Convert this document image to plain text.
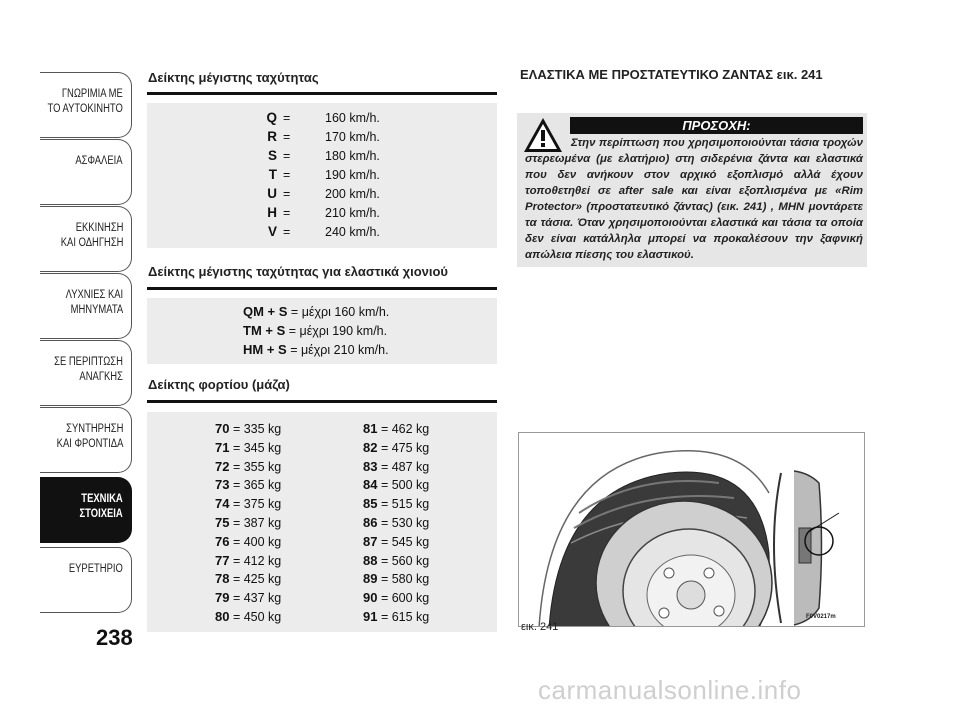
ΓΝΩΡΙΜΙΑ ΜΕ
ΤΟ ΑΥΤΟΚΙΝΗΤΟ
ΑΣΦΑΛΕΙΑ
ΕΚΚΙΝΗΣΗ
ΚΑΙ ΟΔΗΓΗΣΗ
ΛΥΧΝΙΕΣ ΚΑΙ
ΜΗΝΥΜΑΤΑ
ΣΕ ΠΕΡΙΠΤΩΣΗ
ΑΝΑΓΚΗΣ
ΣΥΝΤΗΡΗΣΗ
ΚΑΙ ΦΡΟΝΤΙΔΑ
ΤΕΧΝΙΚΑ
ΣΤΟΙΧΕΙΑ
ΕΥΡΕΤΗΡΙΟ
238
Δείκτης μέγιστης ταχύτητας
Q =	160 km/h.
R =	170 km/h.
S =	180 km/h.
T =	190 km/h.
U =	200 km/h.
H =	210 km/h.
V =	240 km/h.
Δείκτης μέγιστης ταχύτητας για ελαστικά χιονιού
QM + S = μέχρι 160 km/h.
TM + S = μέχρι 190 km/h.
HM + S = μέχρι 210 km/h.
Δείκτης φορτίου (μάζα)
70 = 335 kg
71 = 345 kg
72 = 355 kg
73 = 365 kg
74 = 375 kg
75 = 387 kg
76 = 400 kg
77 = 412 kg
78 = 425 kg
79 = 437 kg
80 = 450 kg
81 = 462 kg
82 = 475 kg
83 = 487 kg
84 = 500 kg
85 = 515 kg
86 = 530 kg
87 = 545 kg
88 = 560 kg
89 = 580 kg
90 = 600 kg
91 = 615 kg
ΕΛΑΣΤΙΚΑ ΜΕ ΠΡΟΣΤΑΤΕΥΤΙΚΟ ΖΑΝΤΑΣ εικ. 241
ΠΡΟΣΟΧΗ:
Στην περίπτωση που χρησιμοποιούνται τάσια τροχών στερεωμένα (με ελατήριο) στη σιδερένια ζάντα και ελαστικά που δεν ανήκουν στον αρχικό εξοπλισμό αλλά έχουν τοποθετηθεί σε after sale και είναι εξοπλισμένα με «Rim Protector» (προστατευτικό ζάντας) (εικ. 241) , ΜΗΝ μοντάρετε τα τάσια. Όταν χρησιμοποιούνται ελαστικά και τάσια τα οποία δεν είναι κατάλληλα μπορεί να προκαλέσουν την ξαφνική απώλεια πίεσης του ελαστικού.
εικ. 241
F0V0217m
carmanualsonline.info
